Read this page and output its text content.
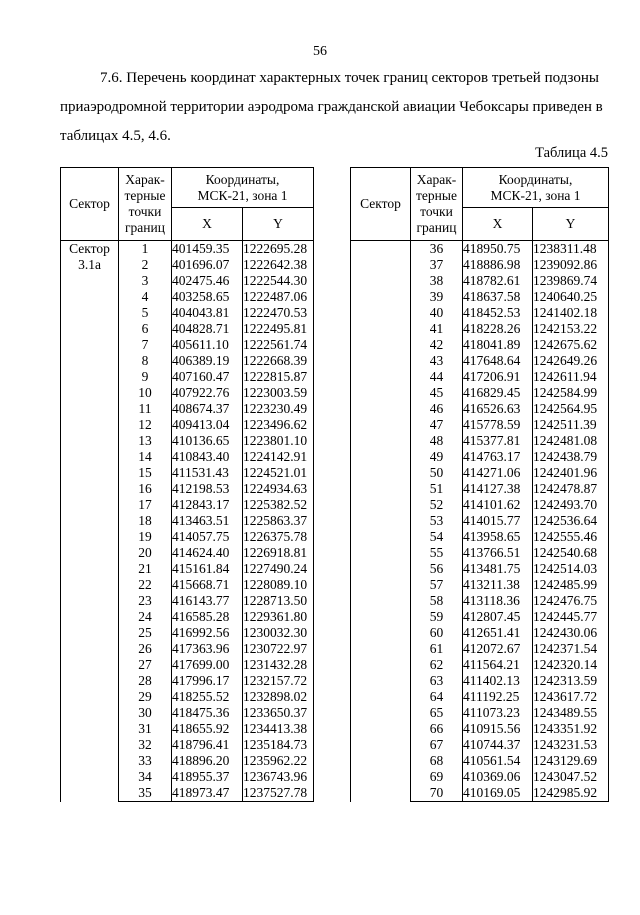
56
7.6. Перечень координат характерных точек границ секторов третьей подзоны
приаэродромной территории аэродрома гражданской авиации Чебоксары приведен в
таблицах 4.5, 4.6.
Таблица 4.5
Сектор	Харак-
терные
точки
границ	Координаты,
МСК-21, зона 1	
		X	Y
Сектор
3.1а	1	401459.35	1222695.28
	2	401696.07	1222642.38
	3	402475.46	1222544.30
	4	403258.65	1222487.06
	5	404043.81	1222470.53
	6	404828.71	1222495.81
	7	405611.10	1222561.74
	8	406389.19	1222668.39
	9	407160.47	1222815.87
	10	407922.76	1223003.59
	11	408674.37	1223230.49
	12	409413.04	1223496.62
	13	410136.65	1223801.10
	14	410843.40	1224142.91
	15	411531.43	1224521.01
	16	412198.53	1224934.63
	17	412843.17	1225382.52
	18	413463.51	1225863.37
	19	414057.75	1226375.78
	20	414624.40	1226918.81
	21	415161.84	1227490.24
	22	415668.71	1228089.10
	23	416143.77	1228713.50
	24	416585.28	1229361.80
	25	416992.56	1230032.30
	26	417363.96	1230722.97
	27	417699.00	1231432.28
	28	417996.17	1232157.72
	29	418255.52	1232898.02
	30	418475.36	1233650.37
	31	418655.92	1234413.38
	32	418796.41	1235184.73
	33	418896.20	1235962.22
	34	418955.37	1236743.96
	35	418973.47	1237527.78
Сектор	Харак-
терные
точки
границ	Координаты,
МСК-21, зона 1	
		X	Y
	36	418950.75	1238311.48
	37	418886.98	1239092.86
	38	418782.61	1239869.74
	39	418637.58	1240640.25
	40	418452.53	1241402.18
	41	418228.26	1242153.22
	42	418041.89	1242675.62
	43	417648.64	1242649.26
	44	417206.91	1242611.94
	45	416829.45	1242584.99
	46	416526.63	1242564.95
	47	415778.59	1242511.39
	48	415377.81	1242481.08
	49	414763.17	1242438.79
	50	414271.06	1242401.96
	51	414127.38	1242478.87
	52	414101.62	1242493.70
	53	414015.77	1242536.64
	54	413958.65	1242555.46
	55	413766.51	1242540.68
	56	413481.75	1242514.03
	57	413211.38	1242485.99
	58	413118.36	1242476.75
	59	412807.45	1242445.77
	60	412651.41	1242430.06
	61	412072.67	1242371.54
	62	411564.21	1242320.14
	63	411402.13	1242313.59
	64	411192.25	1243617.72
	65	411073.23	1243489.55
	66	410915.56	1243351.92
	67	410744.37	1243231.53
	68	410561.54	1243129.69
	69	410369.06	1243047.52
	70	410169.05	1242985.92
